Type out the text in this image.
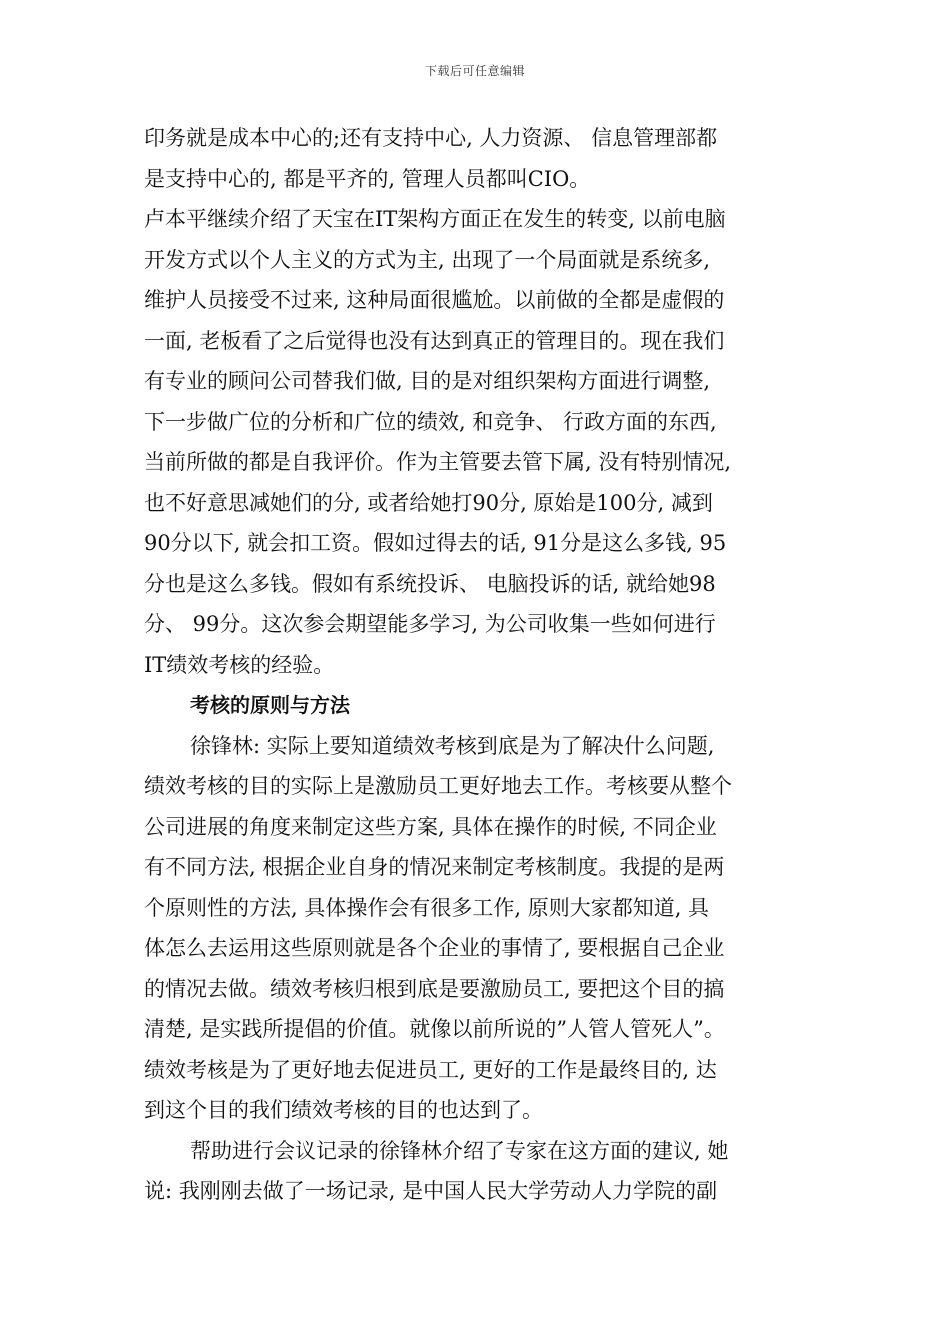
下载后可任意编辑
印务就是成本中心的;还有支持中心, 人力资源、 信息管理部都
是支持中心的, 都是平齐的, 管理人员都叫CIO。
卢本平继续介绍了天宝在IT架构方面正在发生的转变, 以前电脑
开发方式以个人主义的方式为主, 出现了一个局面就是系统多,
维护人员接受不过来, 这种局面很尴尬。以前做的全都是虚假的
一面, 老板看了之后觉得也没有达到真正的管理目的。现在我们
有专业的顾问公司替我们做, 目的是对组织架构方面进行调整,
下一步做广位的分析和广位的绩效, 和竞争、 行政方面的东西,
当前所做的都是自我评价。作为主管要去管下属, 没有特别情况,
也不好意思减她们的分, 或者给她打90分, 原始是100分, 减到
90分以下, 就会扣工资。假如过得去的话, 91分是这么多钱, 95
分也是这么多钱。假如有系统投诉、 电脑投诉的话, 就给她98
分、 99分。这次参会期望能多学习, 为公司收集一些如何进行
IT绩效考核的经验。
考核的原则与方法
徐锋林: 实际上要知道绩效考核到底是为了解决什么问题,
绩效考核的目的实际上是激励员工更好地去工作。考核要从整个
公司进展的角度来制定这些方案, 具体在操作的时候, 不同企业
有不同方法, 根据企业自身的情况来制定考核制度。我提的是两
个原则性的方法, 具体操作会有很多工作, 原则大家都知道, 具
体怎么去运用这些原则就是各个企业的事情了, 要根据自己企业
的情况去做。绩效考核归根到底是要激励员工, 要把这个目的搞
清楚, 是实践所提倡的价值。就像以前所说的”人管人管死人”。
绩效考核是为了更好地去促进员工, 更好的工作是最终目的, 达
到这个目的我们绩效考核的目的也达到了。
帮助进行会议记录的徐锋林介绍了专家在这方面的建议, 她
说: 我刚刚去做了一场记录, 是中国人民大学劳动人力学院的副
